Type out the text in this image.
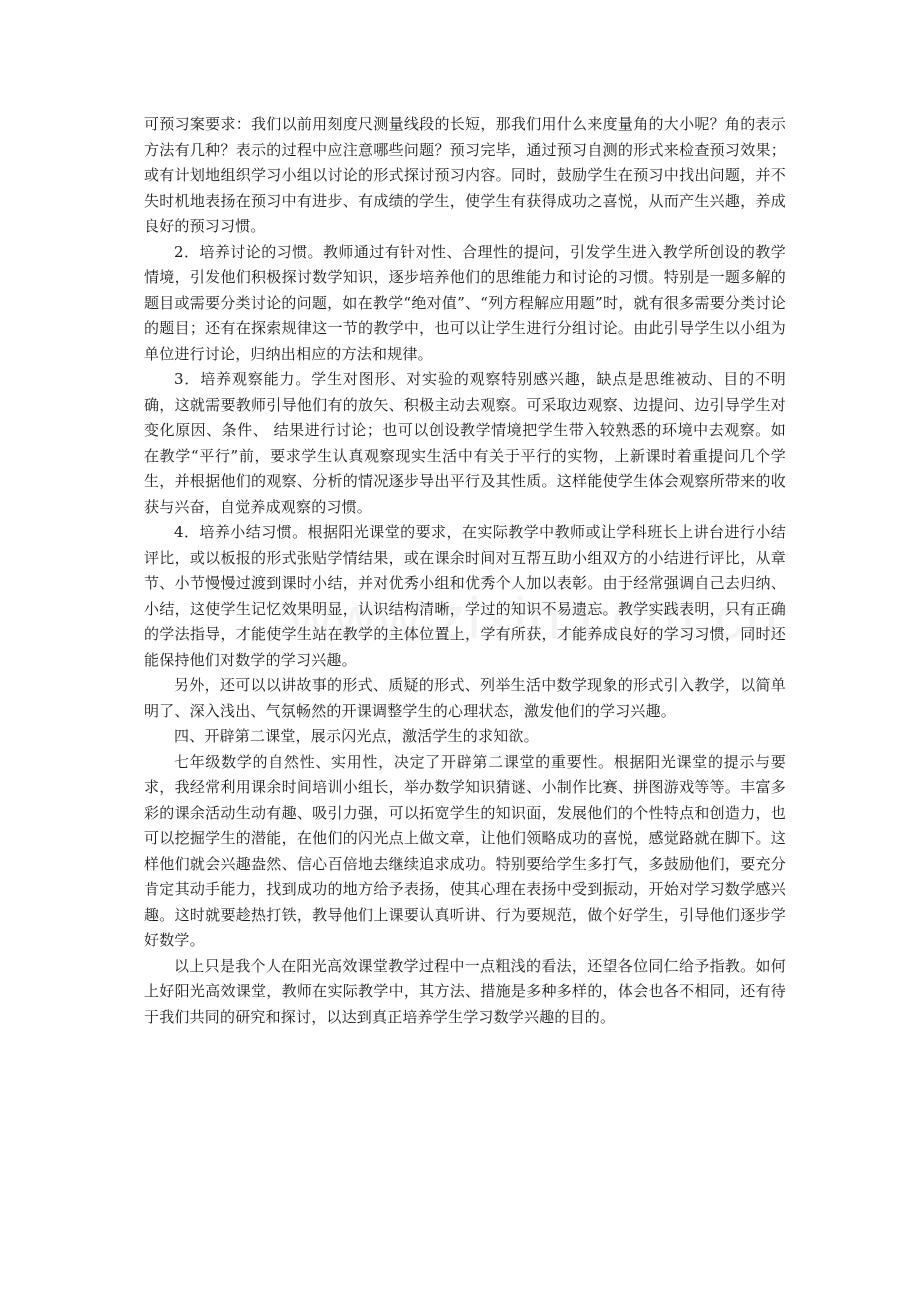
可预习案要求：我们以前用刻度尺测量线段的长短，那我们用什么来度量角的大小呢？角的表示方法有几种？表示的过程中应注意哪些问题？预习完毕，通过预习自测的形式来检查预习效果；或有计划地组织学习小组以讨论的形式探讨预习内容。同时，鼓励学生在预习中找出问题，并不失时机地表扬在预习中有进步、有成绩的学生，使学生有获得成功之喜悦，从而产生兴趣，养成良好的预习习惯。

2．培养讨论的习惯。教师通过有针对性、合理性的提问，引发学生进入教学所创设的教学情境，引发他们积极探讨数学知识，逐步培养他们的思维能力和讨论的习惯。特别是一题多解的题目或需要分类讨论的问题，如在教学“绝对值”、“列方程解应用题”时，就有很多需要分类讨论的题目；还有在探索规律这一节的教学中，也可以让学生进行分组讨论。由此引导学生以小组为单位进行讨论，归纳出相应的方法和规律。

3．培养观察能力。学生对图形、对实验的观察特别感兴趣，缺点是思维被动、目的不明确，这就需要教师引导他们有的放矢、积极主动去观察。可采取边观察、边提问、边引导学生对变化原因、条件、 结果进行讨论；也可以创设教学情境把学生带入较熟悉的环境中去观察。如在教学“平行”前，要求学生认真观察现实生活中有关于平行的实物，上新课时着重提问几个学生，并根据他们的观察、分析的情况逐步导出平行及其性质。这样能使学生体会观察所带来的收获与兴奋，自觉养成观察的习惯。

4．培养小结习惯。根据阳光课堂的要求，在实际教学中教师或让学科班长上讲台进行小结评比，或以板报的形式张贴学情结果，或在课余时间对互帮互助小组双方的小结进行评比，从章节、小节慢慢过渡到课时小结，并对优秀小组和优秀个人加以表彰。由于经常强调自己去归纳、小结，这使学生记忆效果明显，认识结构清晰，学过的知识不易遗忘。教学实践表明，只有正确的学法指导，才能使学生站在教学的主体位置上，学有所获，才能养成良好的学习习惯，同时还能保持他们对数学的学习兴趣。

另外，还可以以讲故事的形式、质疑的形式、列举生活中数学现象的形式引入教学，以简单明了、深入浅出、气氛畅然的开课调整学生的心理状态，激发他们的学习兴趣。

四、开辟第二课堂，展示闪光点，激活学生的求知欲。

七年级数学的自然性、实用性，决定了开辟第二课堂的重要性。根据阳光课堂的提示与要求，我经常利用课余时间培训小组长，举办数学知识猜谜、小制作比赛、拼图游戏等等。丰富多彩的课余活动生动有趣、吸引力强，可以拓宽学生的知识面，发展他们的个性特点和创造力，也可以挖掘学生的潜能，在他们的闪光点上做文章，让他们领略成功的喜悦，感觉路就在脚下。这样他们就会兴趣盎然、信心百倍地去继续追求成功。特别要给学生多打气，多鼓励他们，要充分肯定其动手能力，找到成功的地方给予表扬，使其心理在表扬中受到振动，开始对学习数学感兴趣。这时就要趁热打铁，教导他们上课要认真听讲、行为要规范，做个好学生，引导他们逐步学好数学。

以上只是我个人在阳光高效课堂教学过程中一点粗浅的看法，还望各位同仁给予指教。如何上好阳光高效课堂，教师在实际教学中，其方法、措施是多种多样的，体会也各不相同，还有待于我们共同的研究和探讨，以达到真正培养学生学习数学兴趣的目的。
